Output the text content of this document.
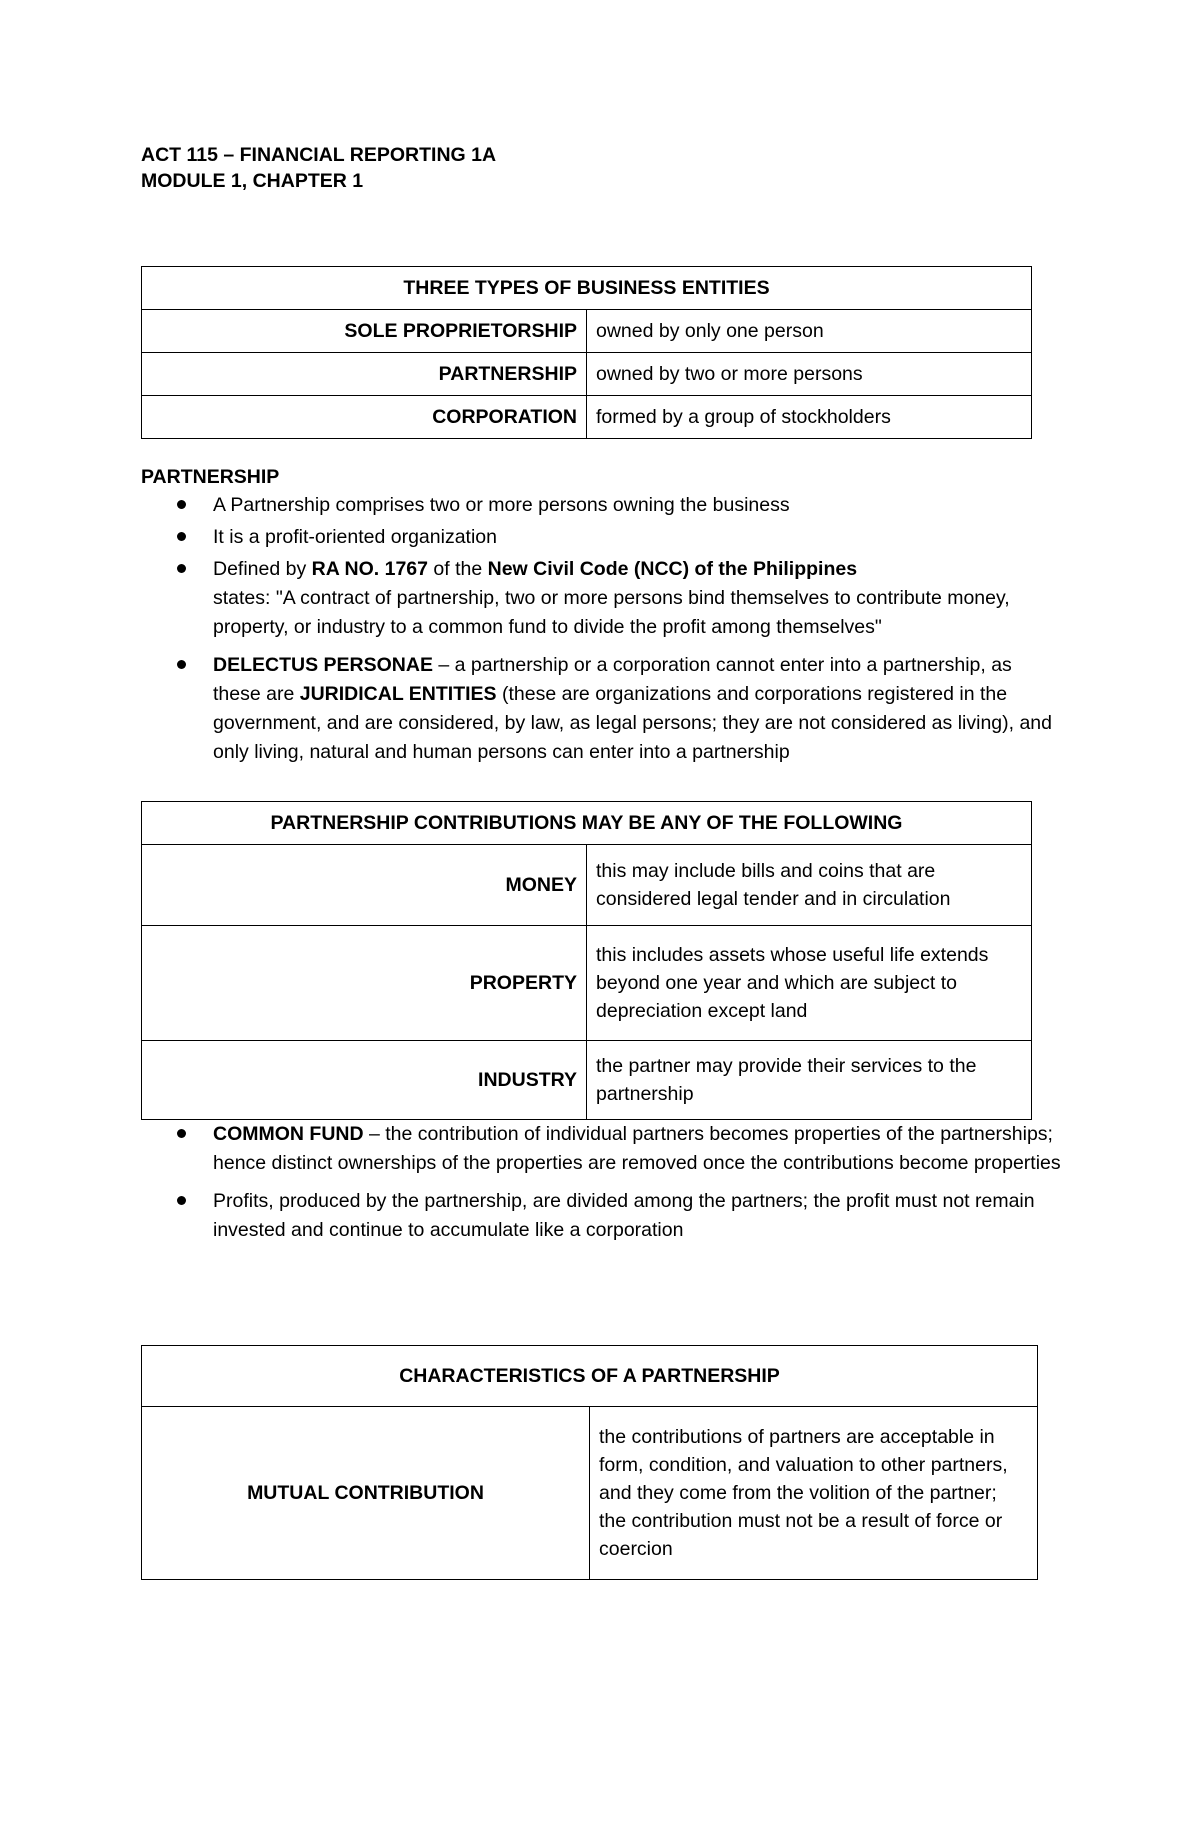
ACT 115 – FINANCIAL REPORTING 1A
MODULE 1, CHAPTER 1
THREE TYPES OF BUSINESS ENTITIES	
SOLE PROPRIETORSHIP	owned by only one person
PARTNERSHIP	owned by two or more persons
CORPORATION	formed by a group of stockholders
PARTNERSHIP
A Partnership comprises two or more persons owning the business
It is a profit-oriented organization
Defined by RA NO. 1767 of the New Civil Code (NCC) of the Philippines
states: "A contract of partnership, two or more persons bind themselves to contribute money, property, or industry to a common fund to divide the profit among themselves"
DELECTUS PERSONAE – a partnership or a corporation cannot enter into a partnership, as these are JURIDICAL ENTITIES (these are organizations and corporations registered in the government, and are considered, by law, as legal persons; they are not considered as living), and only living, natural and human persons can enter into a partnership
PARTNERSHIP CONTRIBUTIONS MAY BE ANY OF THE FOLLOWING	
MONEY	this may include bills and coins that are considered legal tender and in circulation
PROPERTY	this includes assets whose useful life extends beyond one year and which are subject to depreciation except land
INDUSTRY	the partner may provide their services to the partnership
COMMON FUND – the contribution of individual partners becomes properties of the partnerships; hence distinct ownerships of the properties are removed once the contributions become properties
Profits, produced by the partnership, are divided among the partners; the profit must not remain invested and continue to accumulate like a corporation
CHARACTERISTICS OF A PARTNERSHIP
MUTUAL CONTRIBUTION	the contributions of partners are acceptable in form, condition, and valuation to other partners, and they come from the volition of the partner; the contribution must not be a result of force or coercion
